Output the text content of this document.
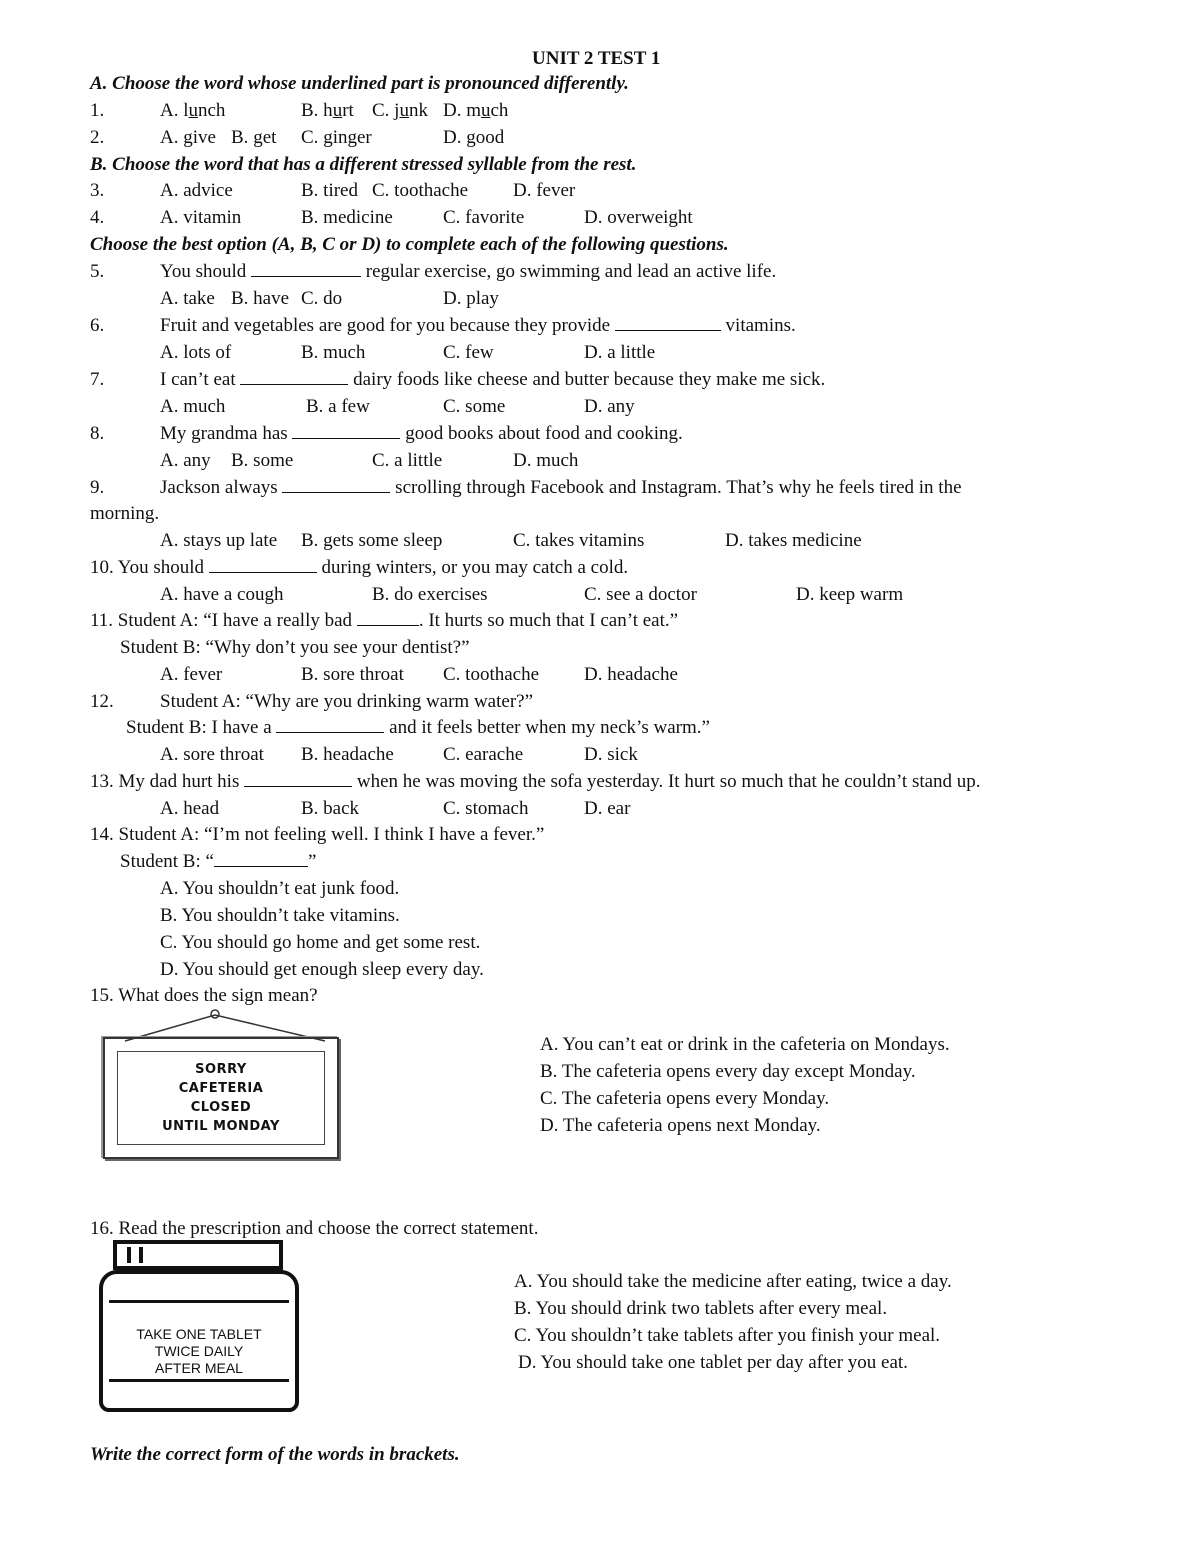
UNIT 2 TEST 1
A. Choose the word whose underlined part is pronounced differently.
1.	A. lunch	B. hurt C. junk D. much
2.	A. give B. get C. ginger	D. good
B. Choose the word that has a different stressed syllable from the rest.
3.	A. advice	B. tired C. toothache D. fever
4.	A. vitamin	B. medicine	C. favorite	D. overweight
Choose the best option (A, B, C or D) to complete each of the following questions.
5.	You should	regular exercise, go swimming and lead an active life.
A. take B. have C. do	D. play
6.	Fruit and vegetables are good for you because they provide	vitamins.
A. lots of	B. much	C. few	D. a little
7.	I can’t eat	dairy foods like cheese and butter because they make me sick.
A. much	B. a few	C. some	D. any
8.	My grandma has	good books about food and cooking.
A. any B. some	C. a little	D. much
9.	Jackson always	scrolling through Facebook and Instagram. That’s why he feels tired in the
morning.
A. stays up late B. gets some sleep	C. takes vitamins	D. takes medicine
10. You should	during winters, or you may catch a cold.
A. have a cough	B. do exercises	C. see a doctor	D. keep warm
11. Student A: “I have a really bad	. It hurts so much that I can’t eat.”
Student B: “Why don’t you see your dentist?”
A. fever	B. sore throat C. toothache D. headache
12. Student A: “Why are you drinking warm water?”
Student B: I have a	and it feels better when my neck’s warm.”
A. sore throat B. headache	C. earache	D. sick
13. My dad hurt his	when he was moving the sofa yesterday. It hurt so much that he couldn’t stand up.
A. head	B. back	C. stomach	D. ear
14. Student A: “I’m not feeling well. I think I have a fever.”
Student B: “	”
A. You shouldn’t eat junk food.
B. You shouldn’t take vitamins.
C. You should go home and get some rest.
D. You should get enough sleep every day.
15. What does the sign mean?
SORRY
CAFETERIA
CLOSED
UNTIL MONDAY
A. You can’t eat or drink in the cafeteria on Mondays.
B. The cafeteria opens every day except Monday.
C. The cafeteria opens every Monday.
D. The cafeteria opens next Monday.
16. Read the prescription and choose the correct statement.
TAKE ONE TABLET
TWICE DAILY
AFTER MEAL
A. You should take the medicine after eating, twice a day.
B. You should drink two tablets after every meal.
C. You shouldn’t take tablets after you finish your meal.
D. You should take one tablet per day after you eat.
Write the correct form of the words in brackets.
